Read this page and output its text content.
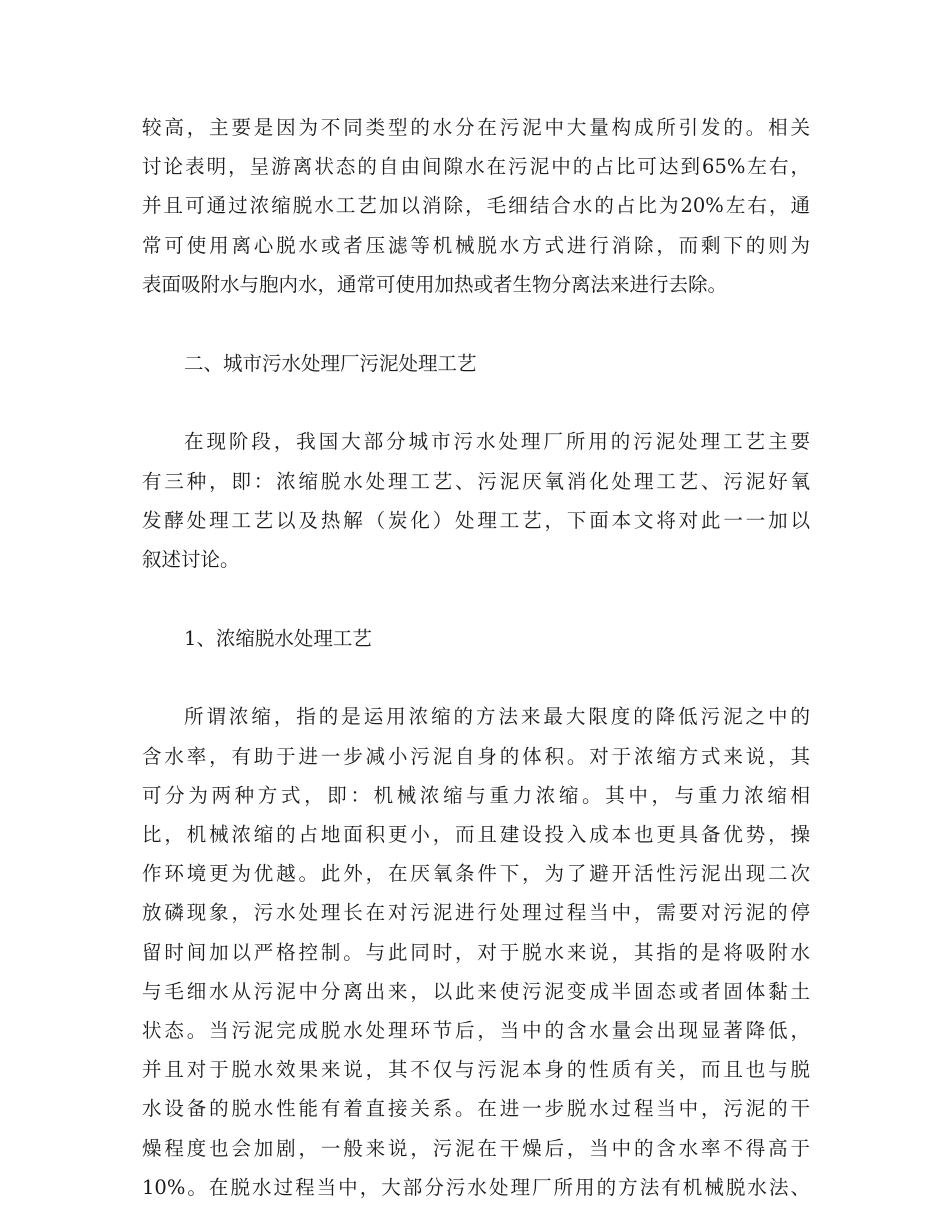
较高，主要是因为不同类型的水分在污泥中大量构成所引发的。相关
讨论表明，呈游离状态的自由间隙水在污泥中的占比可达到65%左右，
并且可通过浓缩脱水工艺加以消除，毛细结合水的占比为20%左右，通
常可使用离心脱水或者压滤等机械脱水方式进行消除，而剩下的则为
表面吸附水与胞内水，通常可使用加热或者生物分离法来进行去除。
二、城市污水处理厂污泥处理工艺
在现阶段，我国大部分城市污水处理厂所用的污泥处理工艺主要
有三种，即：浓缩脱水处理工艺、污泥厌氧消化处理工艺、污泥好氧
发酵处理工艺以及热解（炭化）处理工艺，下面本文将对此一一加以
叙述讨论。
1、浓缩脱水处理工艺
所谓浓缩，指的是运用浓缩的方法来最大限度的降低污泥之中的
含水率，有助于进一步减小污泥自身的体积。对于浓缩方式来说，其
可分为两种方式，即：机械浓缩与重力浓缩。其中，与重力浓缩相
比，机械浓缩的占地面积更小，而且建设投入成本也更具备优势，操
作环境更为优越。此外，在厌氧条件下，为了避开活性污泥出现二次
放磷现象，污水处理长在对污泥进行处理过程当中，需要对污泥的停
留时间加以严格控制。与此同时，对于脱水来说，其指的是将吸附水
与毛细水从污泥中分离出来，以此来使污泥变成半固态或者固体黏土
状态。当污泥完成脱水处理环节后，当中的含水量会出现显著降低，
并且对于脱水效果来说，其不仅与污泥本身的性质有关，而且也与脱
水设备的脱水性能有着直接关系。在进一步脱水过程当中，污泥的干
燥程度也会加剧，一般来说，污泥在干燥后，当中的含水率不得高于
10%。在脱水过程当中，大部分污水处理厂所用的方法有机械脱水法、
